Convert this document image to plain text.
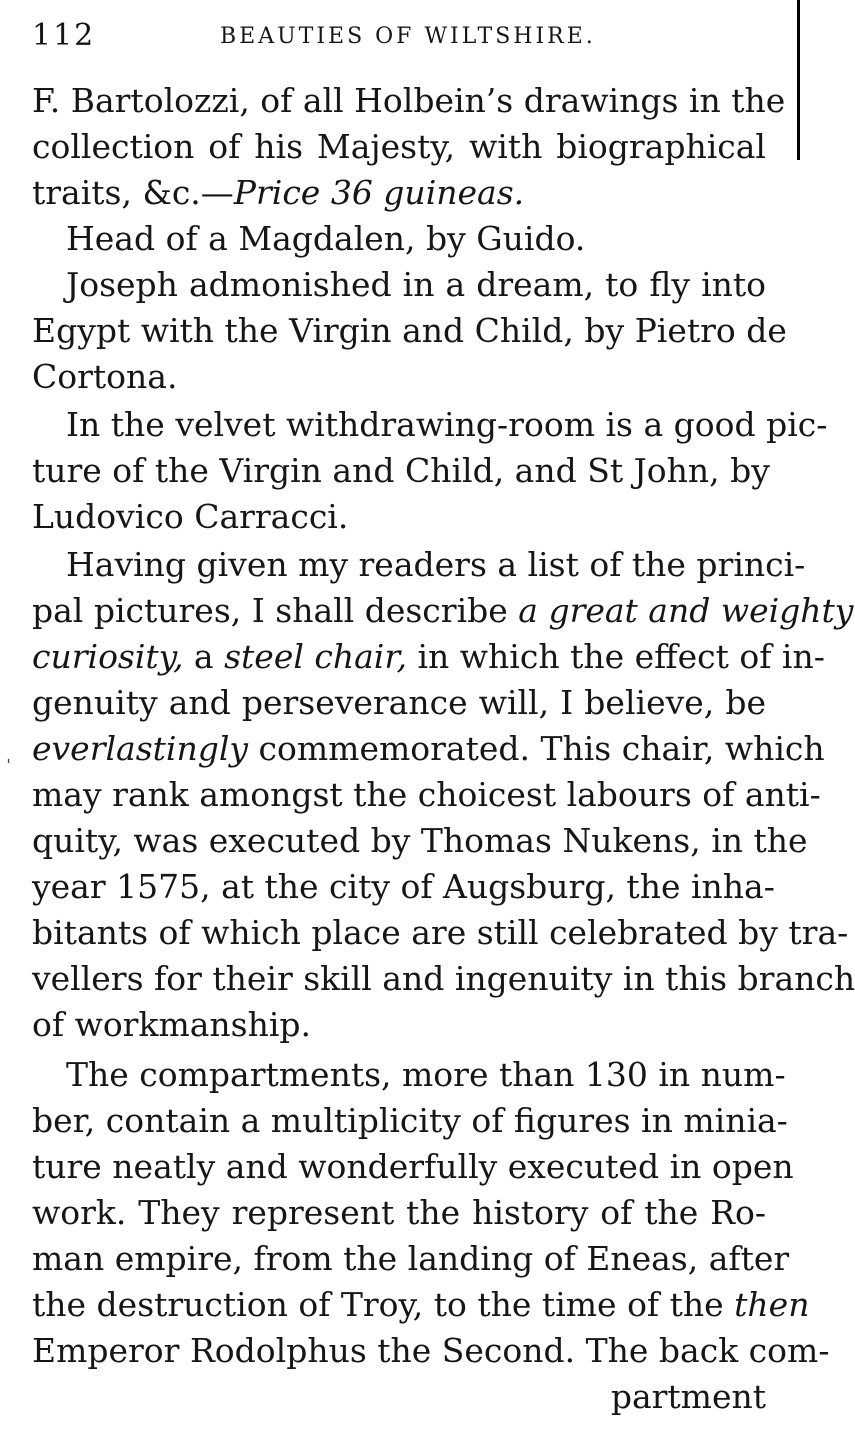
112	BEAUTIES OF WILTSHIRE.
ˌ
F. Bartolozzi, of all Holbein’s drawings in the
collection of his Majesty, with biographical
traits, &c.—Price 36 guineas.
Head of a Magdalen, by Guido.
Joseph admonished in a dream, to fly into
Egypt with the Virgin and Child, by Pietro de
Cortona.
In the velvet withdrawing-room is a good pic-
ture of the Virgin and Child, and St John, by
Ludovico Carracci.
Having given my readers a list of the princi-
pal pictures, I shall describe a great and weighty
curiosity, a steel chair, in which the effect of in-
genuity and perseverance will, I believe, be
everlastingly commemorated. This chair, which
may rank amongst the choicest labours of anti-
quity, was executed by Thomas Nukens, in the
year 1575, at the city of Augsburg, the inha-
bitants of which place are still celebrated by tra-
vellers for their skill and ingenuity in this branch
of workmanship.
The compartments, more than 130 in num-
ber, contain a multiplicity of figures in minia-
ture neatly and wonderfully executed in open
work. They represent the history of the Ro-
man empire, from the landing of Eneas, after
the destruction of Troy, to the time of the then
Emperor Rodolphus the Second. The back com-
partment
